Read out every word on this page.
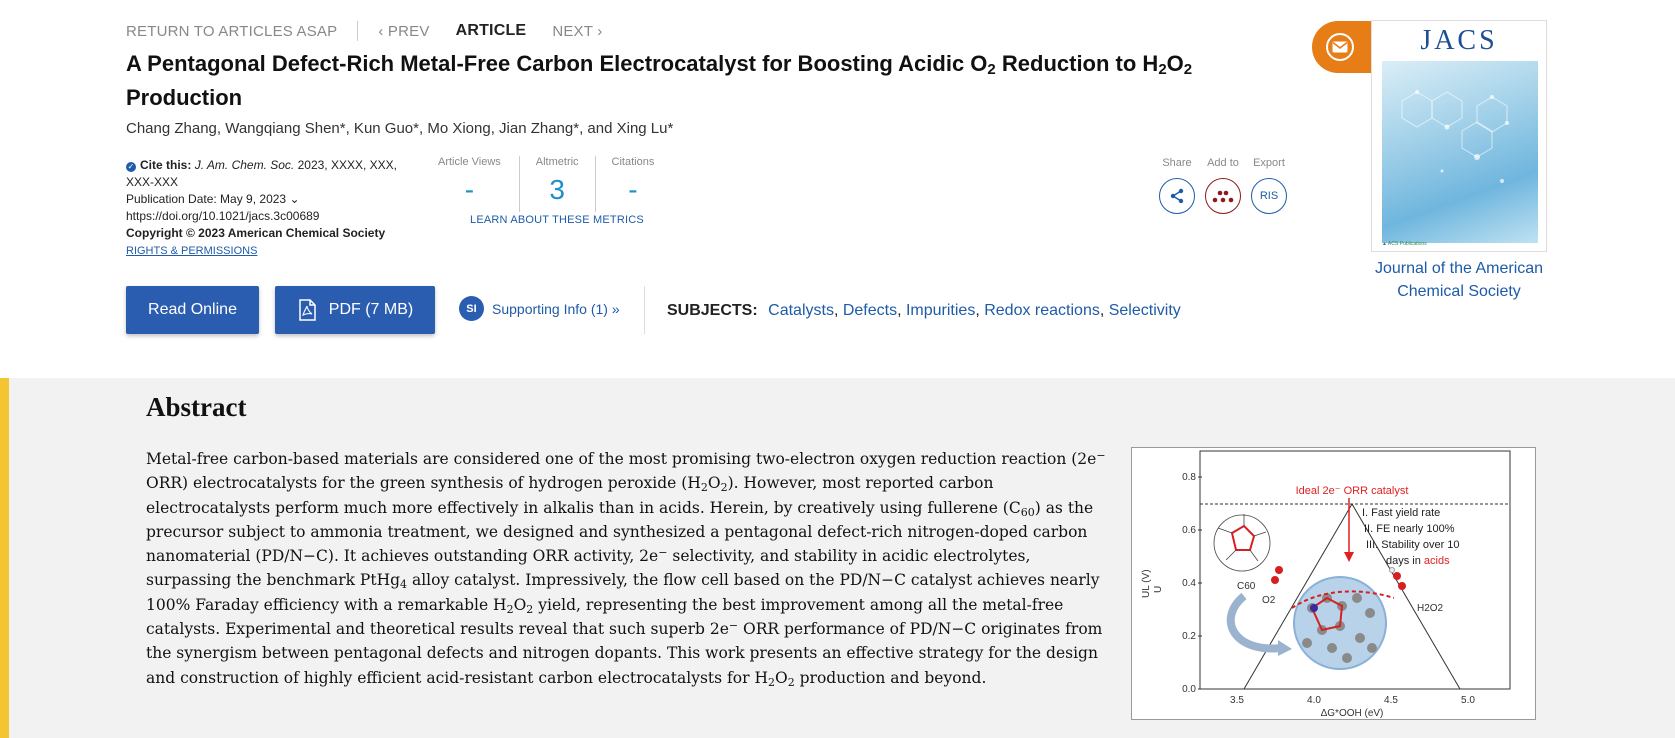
RETURN TO ARTICLES ASAP	‹ PREV ARTICLE NEXT ›
A Pentagonal Defect-Rich Metal-Free Carbon Electrocatalyst for Boosting Acidic $O_2$ Reduction to $H_2O_2$ Production
Chang Zhang, Wangqiang Shen*, Kun Guo*, Mo Xiong, Jian Zhang*, and Xing Lu*
✓ Cite this: J. Am. Chem. Soc. 2023, XXXX, XXX, XXX-XXX
Publication Date: May 9, 2023 ⌄
https://doi.org/10.1021/jacs.3c00689
Copyright © 2023 American Chemical Society
RIGHTS & PERMISSIONS
Article Views
-
Altmetric
3
Citations
-
LEARN ABOUT THESE METRICS
Share Add to Export
RIS
Read Online	PDF (7 MB)	SI	Supporting Info (1) »	SUBJECTS: Catalysts, Defects, Impurities, Redox reactions, Selectivity
JACS
▲ ACS Publications
Journal of the American Chemical Society
Abstract

Metal-free carbon-based materials are considered one of the most promising two-electron oxygen reduction reaction (2e− ORR) electrocatalysts for the green synthesis of hydrogen peroxide $(H_2O_2)$. However, most reported carbon electrocatalysts perform much more effectively in alkalis than in acids. Herein, by creatively using fullerene $(C_{60})$ as the precursor subject to ammonia treatment, we designed and synthesized a pentagonal defect-rich nitrogen-doped carbon nanomaterial (PD/N−C). It achieves outstanding ORR activity, 2e− selectivity, and stability in acidic electrolytes, surpassing the benchmark PtHg$_4$ alloy catalyst. Impressively, the flow cell based on the PD/N−C catalyst achieves nearly 100% Faraday efficiency with a remarkable $H_2O_2$ yield, representing the best improvement among all the metal-free catalysts. Experimental and theoretical results reveal that such superb 2e− ORR performance of PD/N−C originates from the synergism between pentagonal defects and nitrogen dopants. This work presents an effective strategy for the design and construction of highly efficient acid-resistant carbon electrocatalysts for $H_2O_2$ production and beyond.

U
UL (V)
0.8
0.6
0.4
0.2
0.0
3.5	4.0	4.5	5.0
ΔG*OOH (eV)
Ideal 2e⁻ ORR catalyst
I. Fast yield rate
II. FE nearly 100%
III. Stability over 10
days in acids
C60
O2
H2O2
